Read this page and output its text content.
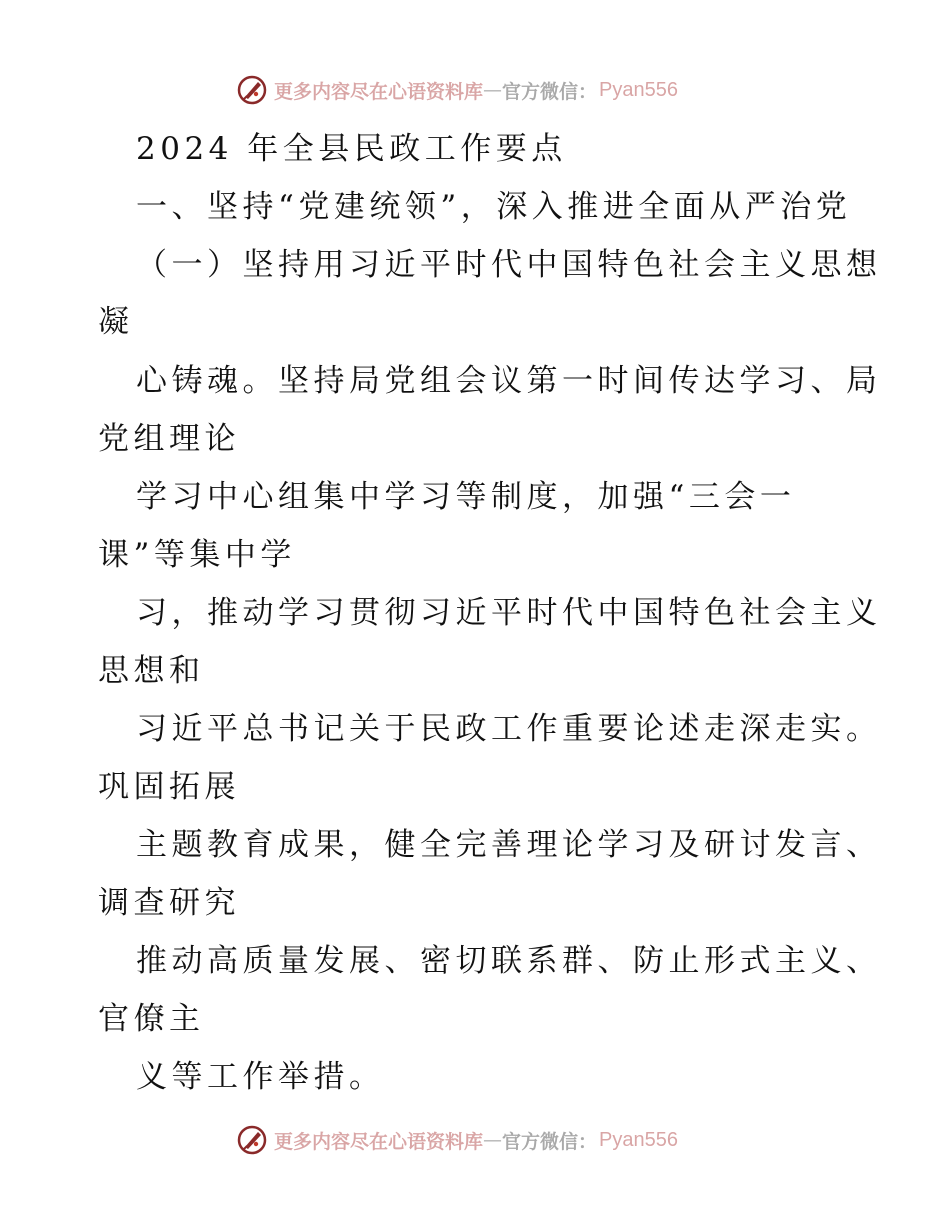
更多内容尽在心语资料库 — 官方微信： Pyan556
2024 年全县民政工作要点
一、坚持“党建统领”，深入推进全面从严治党
（一）坚持用习近平时代中国特色社会主义思想
凝
心铸魂。坚持局党组会议第一时间传达学习、局
党组理论
学习中心组集中学习等制度，加强“三会一
课”等集中学
习，推动学习贯彻习近平时代中国特色社会主义
思想和
习近平总书记关于民政工作重要论述走深走实。
巩固拓展
主题教育成果，健全完善理论学习及研讨发言、
调查研究
推动高质量发展、密切联系群、防止形式主义、
官僚主
义等工作举措。
更多内容尽在心语资料库 — 官方微信： Pyan556
